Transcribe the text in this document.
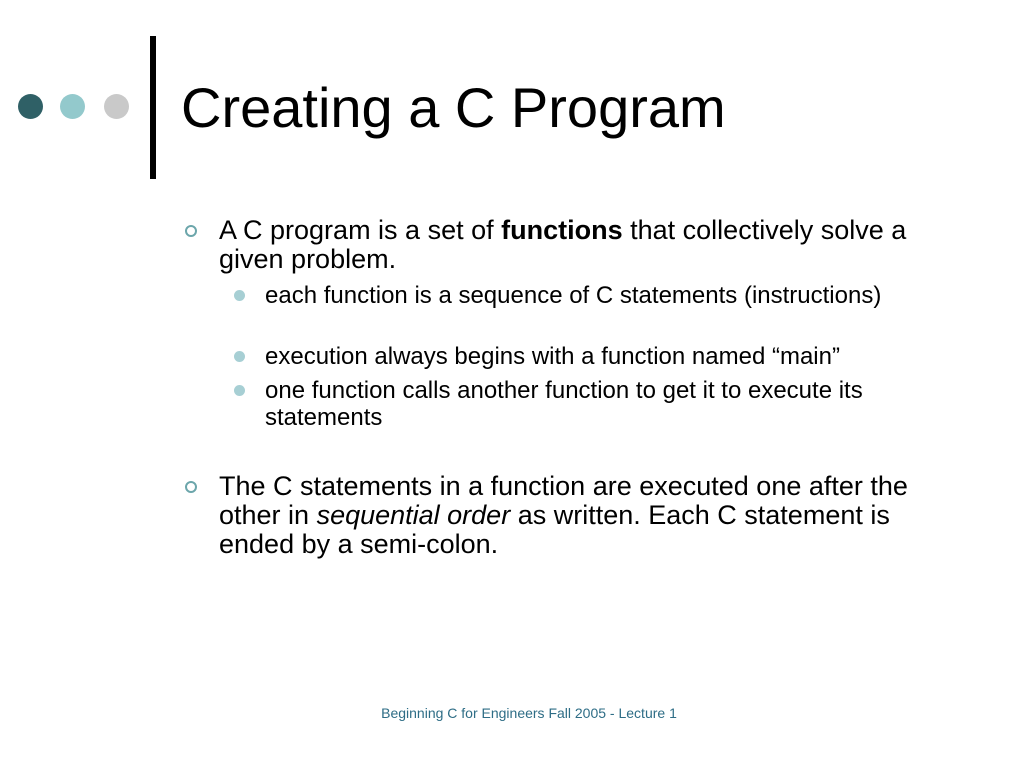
Creating a C Program
A C program is a set of functions that collectively solve a given problem.
each function is a sequence of C statements (instructions)
execution always begins with a function named “main”
one function calls another function to get it to execute its statements
The C statements in a function are executed one after the other in sequential order as written. Each C statement is ended by a semi-colon.
Beginning C for Engineers Fall 2005 - Lecture 1
